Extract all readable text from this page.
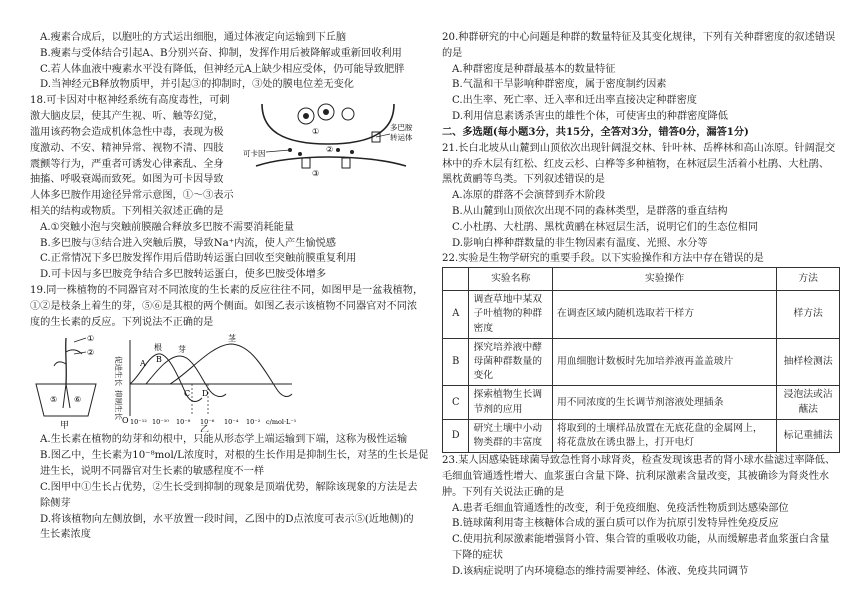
A.瘦素合成后，以胞吐的方式运出细胞，通过体液定向运输到下丘脑
B.瘦素与受体结合引起A、B分别兴奋、抑制，发挥作用后被降解或重新回收利用
C.若人体血液中瘦素水平没有降低，但神经元A上缺少相应受体，仍可能导致肥胖
D.当神经元B释放物质甲，并引起③的抑制时，③处的膜电位差无变化
18.可卡因对中枢神经系统有高度毒性，可刺
激大脑皮层，使其产生视、听、触等幻觉，
滥用该药物会造成机体急性中毒，表现为极
度激动、不安、精神异常、视物不清、四肢
震颤等行为，严重者可诱发心律紊乱、全身
抽搐、呼吸衰竭而致死。如图为可卡因导致
人体多巴胺作用途径异常示意图，①～③表示
相关的结构或物质。下列相关叙述正确的是
A.①突触小泡与突触前膜融合释放多巴胺不需要消耗能量
B.多巴胺与③结合进入突触后膜，导致Na⁺内流，使人产生愉悦感
C.正常情况下多巴胺发挥作用后借助转运蛋白回收至突触前膜重复利用
D.可卡因与多巴胺竞争结合多巴胺转运蛋白，使多巴胺受体增多
19.同一株植物的不同器官对不同浓度的生长素的反应往往不同，如图甲是一盆栽植物，
①②是枝条上着生的芽，⑤⑥是其根的两个侧面。如图乙表示该植物不同器官对不同浓
度的生长素的反应。下列说法不正确的是
①
②
⑤ ⑥
甲
促进生长
抑制生长
O
根 芽
茎
A B
C D
10⁻¹² 10⁻¹⁰ 10⁻⁸ 10⁻⁶ 10⁻⁴ 10⁻² c/mol·L⁻¹
乙
A.生长素在植物的幼芽和幼根中，只能从形态学上端运输到下端，这称为极性运输
B.图乙中，生长素为10⁻⁸mol/L浓度时，对根的生长作用是抑制生长，对茎的生长是促
进生长，说明不同器官对生长素的敏感程度不一样
C.图甲中①生长占优势，②生长受到抑制的现象是顶端优势，解除该现象的方法是去
除侧芽
D.将该植物向左侧放倒，水平放置一段时间，乙图中的D点浓度可表示⑤(近地侧)的
生长素浓度
可卡因
多巴胺
转运体
①
②
③
20.种群研究的中心问题是种群的数量特征及其变化规律，下列有关种群密度的叙述错误
的是
A.种群密度是种群最基本的数量特征
B.气温和干旱影响种群密度，属于密度制约因素
C.出生率、死亡率、迁入率和迁出率直接决定种群密度
D.利用信息素诱杀害虫的雄性个体，可使害虫的种群密度降低
二、多选题(每小题3分，共15分，全答对3分，错答0分，漏答1分)
21.长白北坡从山麓到山顶依次出现针阔混交林、针叶林、岳桦林和高山冻原。针阔混交
林中的乔木层有红松、红皮云杉、白桦等多种植物，在林冠层生活着小杜鹃、大杜鹃、
黑枕黄鹂等鸟类。下列叙述错误的是
A.冻原的群落不会演替到乔木阶段
B.从山麓到山顶依次出现不同的森林类型，是群落的垂直结构
C.小杜鹃、大杜鹃、黑枕黄鹂在林冠层生活，说明它们的生态位相同
D.影响白桦种群数量的非生物因素有温度、光照、水分等
22.实验是生物学研究的重要手段。以下实验操作和方法中存在错误的是
	实验名称	实验操作	方法
A	调查草地中某双子叶植物的种群密度	在调查区域内随机选取若干样方	样方法
B	探究培养液中酵母菌种群数量的变化	用血细胞计数板时先加培养液再盖盖玻片	抽样检测法
C	探索植物生长调节剂的应用	用不同浓度的生长调节剂溶液处理插条	浸泡法或沾蘸法
D	研究土壤中小动物类群的丰富度	将取到的土壤样品放置在无底花盘的金属网上，将花盘放在诱虫器上，打开电灯	标记重捕法
23.某人因感染链球菌导致急性肾小球肾炎，检查发现该患者的肾小球水盐滤过率降低、
毛细血管通透性增大、血浆蛋白含量下降、抗利尿激素含量改变，其被确诊为肾炎性水
肿。下列有关说法正确的是
A.患者毛细血管通透性的改变，利于免疫细胞、免疫活性物质到达感染部位
B.链球菌利用寄主核糖体合成的蛋白质可以作为抗原引发特异性免疫反应
C.使用抗利尿激素能增强肾小管、集合管的重吸收功能，从而缓解患者血浆蛋白含量
下降的症状
D.该病症说明了内环境稳态的维持需要神经、体液、免疫共同调节
